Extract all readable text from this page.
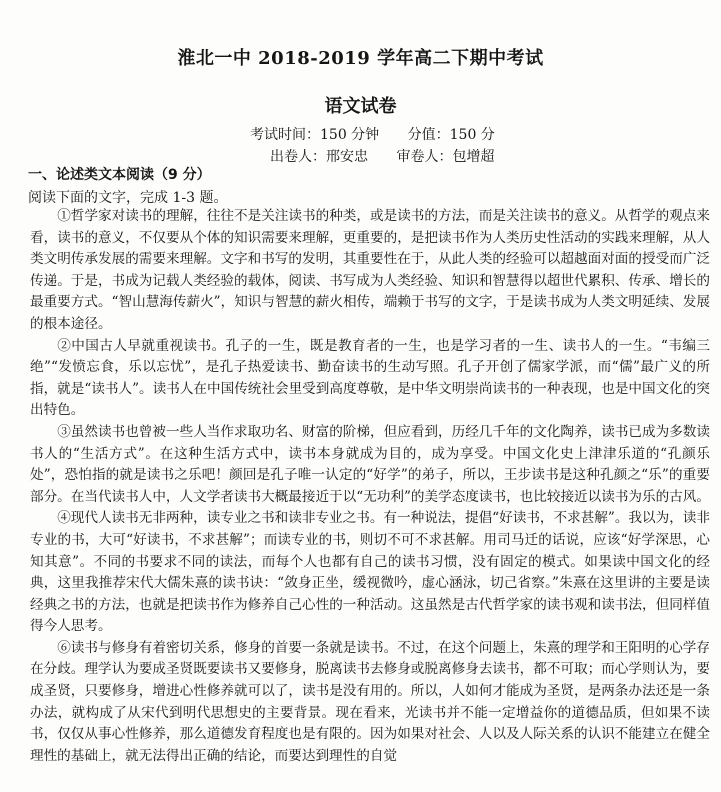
淮北一中 2018-2019 学年高二下期中考试
语文试卷
考试时间：150 分钟 分值：150 分
出卷人：邢安忠 审卷人：包增超
一、论述类文本阅读（9 分）
阅读下面的文字，完成 1-3 题。

①哲学家对读书的理解，往往不是关注读书的种类，或是读书的方法，而是关注读书的意义。从哲学的观点来看，读书的意义，不仅要从个体的知识需要来理解，更重要的，是把读书作为人类历史性活动的实践来理解，从人类文明传承发展的需要来理解。文字和书写的发明，其重要性在于，从此人类的经验可以超越面对面的授受而广泛传递。于是，书成为记载人类经验的载体，阅读、书写成为人类经验、知识和智慧得以超世代累积、传承、增长的最重要方式。“智山慧海传薪火”，知识与智慧的薪火相传，端赖于书写的文字，于是读书成为人类文明延续、发展的根本途径。

②中国古人早就重视读书。孔子的一生，既是教育者的一生，也是学习者的一生、读书人的一生。“韦编三绝”“发愤忘食，乐以忘忧”，是孔子热爱读书、勤奋读书的生动写照。孔子开创了儒家学派，而“儒”最广义的所指，就是“读书人”。读书人在中国传统社会里受到高度尊敬，是中华文明崇尚读书的一种表现，也是中国文化的突出特色。

③虽然读书也曾被一些人当作求取功名、财富的阶梯，但应看到，历经几千年的文化陶养，读书已成为多数读书人的“生活方式”。在这种生活方式中，读书本身就成为目的，成为享受。中国文化史上津津乐道的“孔颜乐处”，恐怕指的就是读书之乐吧！颜回是孔子唯一认定的“好学”的弟子，所以，王步读书是这种孔颜之“乐”的重要部分。在当代读书人中，人文学者读书大概最接近于以“无功利”的美学态度读书，也比较接近以读书为乐的古风。

④现代人读书无非两种，读专业之书和读非专业之书。有一种说法，提倡“好读书，不求甚解”。我以为，读非专业的书，大可“好读书，不求甚解”；而读专业的书，则切不可不求甚解。用司马迁的话说，应该“好学深思，心知其意”。不同的书要求不同的读法，而每个人也都有自己的读书习惯，没有固定的模式。如果读中国文化的经典，这里我推荐宋代大儒朱熹的读书诀：“敛身正坐，缓视微吟，虚心涵泳，切己省察。”朱熹在这里讲的主要是读经典之书的方法，也就是把读书作为修养自己心性的一种活动。这虽然是古代哲学家的读书观和读书法，但同样值得今人思考。

⑥读书与修身有着密切关系，修身的首要一条就是读书。不过，在这个问题上，朱熹的理学和王阳明的心学存在分歧。理学认为要成圣贤既要读书又要修身，脱离读书去修身或脱离修身去读书，都不可取；而心学则认为，要成圣贤，只要修身，增进心性修养就可以了，读书是没有用的。所以，人如何才能成为圣贤，是两条办法还是一条办法，就构成了从宋代到明代思想史的主要背景。现在看来，光读书并不能一定增益你的道德品质，但如果不读书，仅仅从事心性修养，那么道德发育程度也是有限的。因为如果对社会、人以及人际关系的认识不能建立在健全理性的基础上，就无法得出正确的结论，而要达到理性的自觉
